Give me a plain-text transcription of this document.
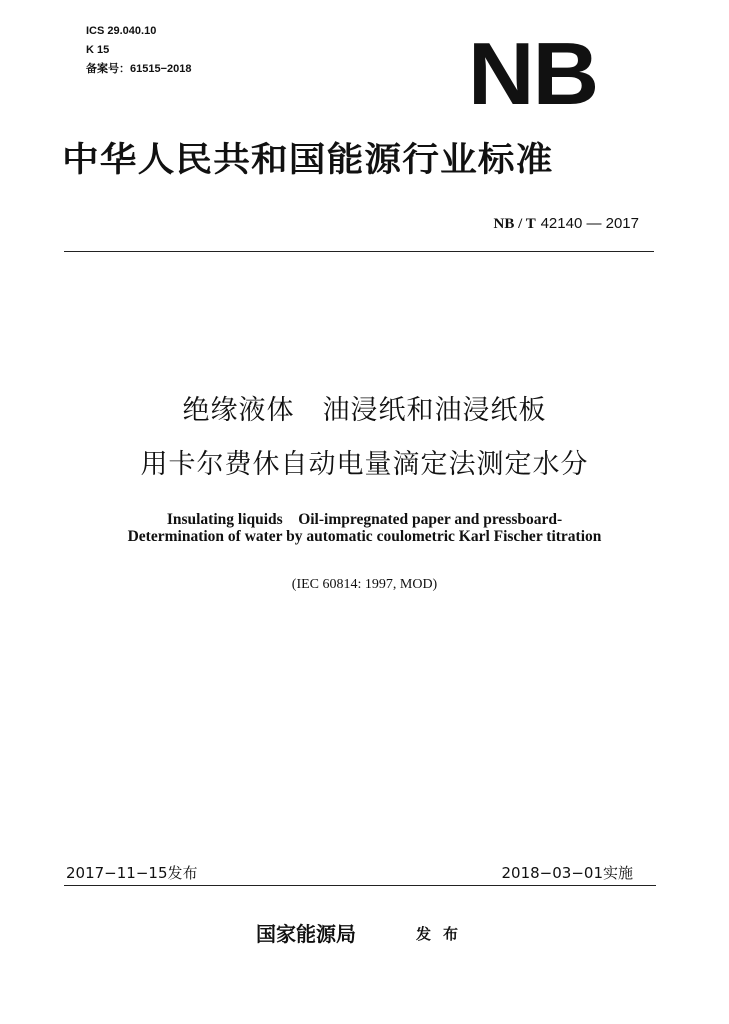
ICS 29.040.10
K 15
备案号：61515−2018	NB
中华人民共和国能源行业标准
NB / T 42140 — 2017
绝缘液体　油浸纸和油浸纸板
用卡尔费休自动电量滴定法测定水分
Insulating liquids　Oil-impregnated paper and pressboard-
Determination of water by automatic coulometric Karl Fischer titration
(IEC 60814: 1997, MOD)
2017−11−15发布	2018−03−01实施
国家能源局	发布
